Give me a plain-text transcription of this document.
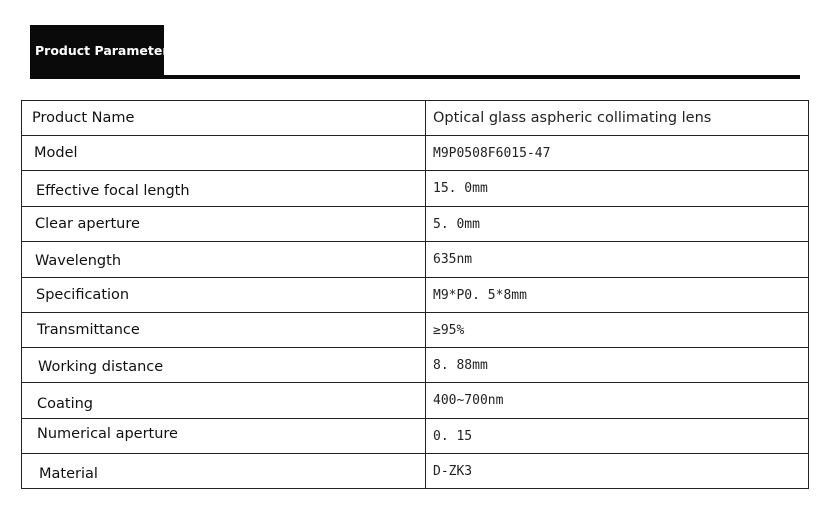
Product Parameters
Product Name	Optical glass aspheric collimating lens
Model	M9P0508F6015-47
Effective focal length	15. 0mm
Clear aperture	5. 0mm
Wavelength	635nm
Specification	M9*P0. 5*8mm
Transmittance	≥95%
Working distance	8. 88mm
Coating	400~700nm
Numerical aperture	0. 15
Material	D-ZK3
